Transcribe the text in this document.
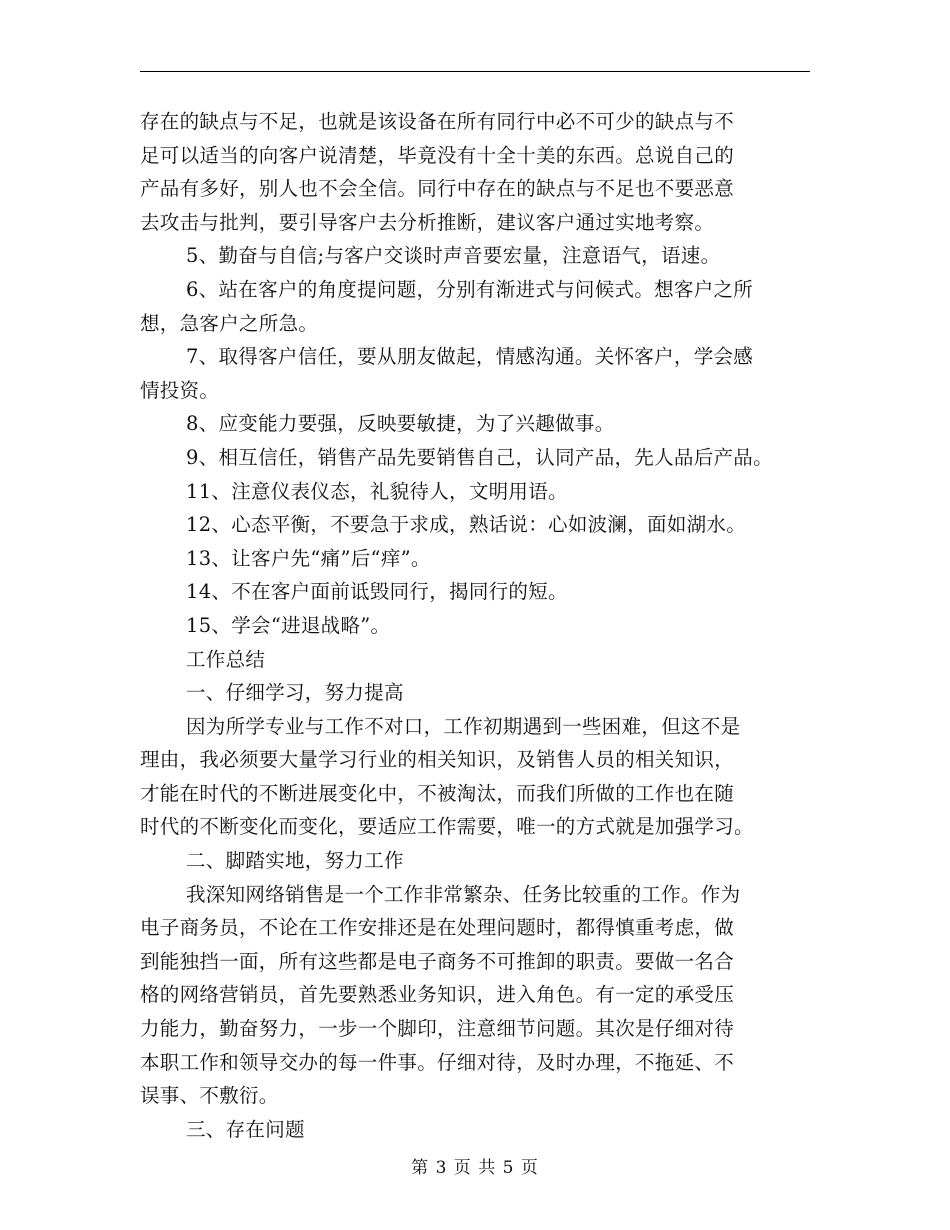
存在的缺点与不足，也就是该设备在所有同行中必不可少的缺点与不
足可以适当的向客户说清楚，毕竟没有十全十美的东西。总说自己的
产品有多好，别人也不会全信。同行中存在的缺点与不足也不要恶意
去攻击与批判，要引导客户去分析推断，建议客户通过实地考察。
5、勤奋与自信;与客户交谈时声音要宏量，注意语气，语速。
6、站在客户的角度提问题，分别有渐进式与问候式。想客户之所
想，急客户之所急。
7、取得客户信任，要从朋友做起，情感沟通。关怀客户，学会感
情投资。
8、应变能力要强，反映要敏捷，为了兴趣做事。
9、相互信任，销售产品先要销售自己，认同产品，先人品后产品。
11、注意仪表仪态，礼貌待人，文明用语。
12、心态平衡，不要急于求成，熟话说：心如波澜，面如湖水。
13、让客户先“痛”后“痒”。
14、不在客户面前诋毁同行，揭同行的短。
15、学会“进退战略”。
工作总结
一、仔细学习，努力提高
因为所学专业与工作不对口，工作初期遇到一些困难，但这不是
理由，我必须要大量学习行业的相关知识，及销售人员的相关知识，
才能在时代的不断进展变化中，不被淘汰，而我们所做的工作也在随
时代的不断变化而变化，要适应工作需要，唯一的方式就是加强学习。
二、脚踏实地，努力工作
我深知网络销售是一个工作非常繁杂、任务比较重的工作。作为
电子商务员，不论在工作安排还是在处理问题时，都得慎重考虑，做
到能独挡一面，所有这些都是电子商务不可推卸的职责。要做一名合
格的网络营销员，首先要熟悉业务知识，进入角色。有一定的承受压
力能力，勤奋努力，一步一个脚印，注意细节问题。其次是仔细对待
本职工作和领导交办的每一件事。仔细对待，及时办理，不拖延、不
误事、不敷衍。
三、存在问题
第 3 页 共 5 页
